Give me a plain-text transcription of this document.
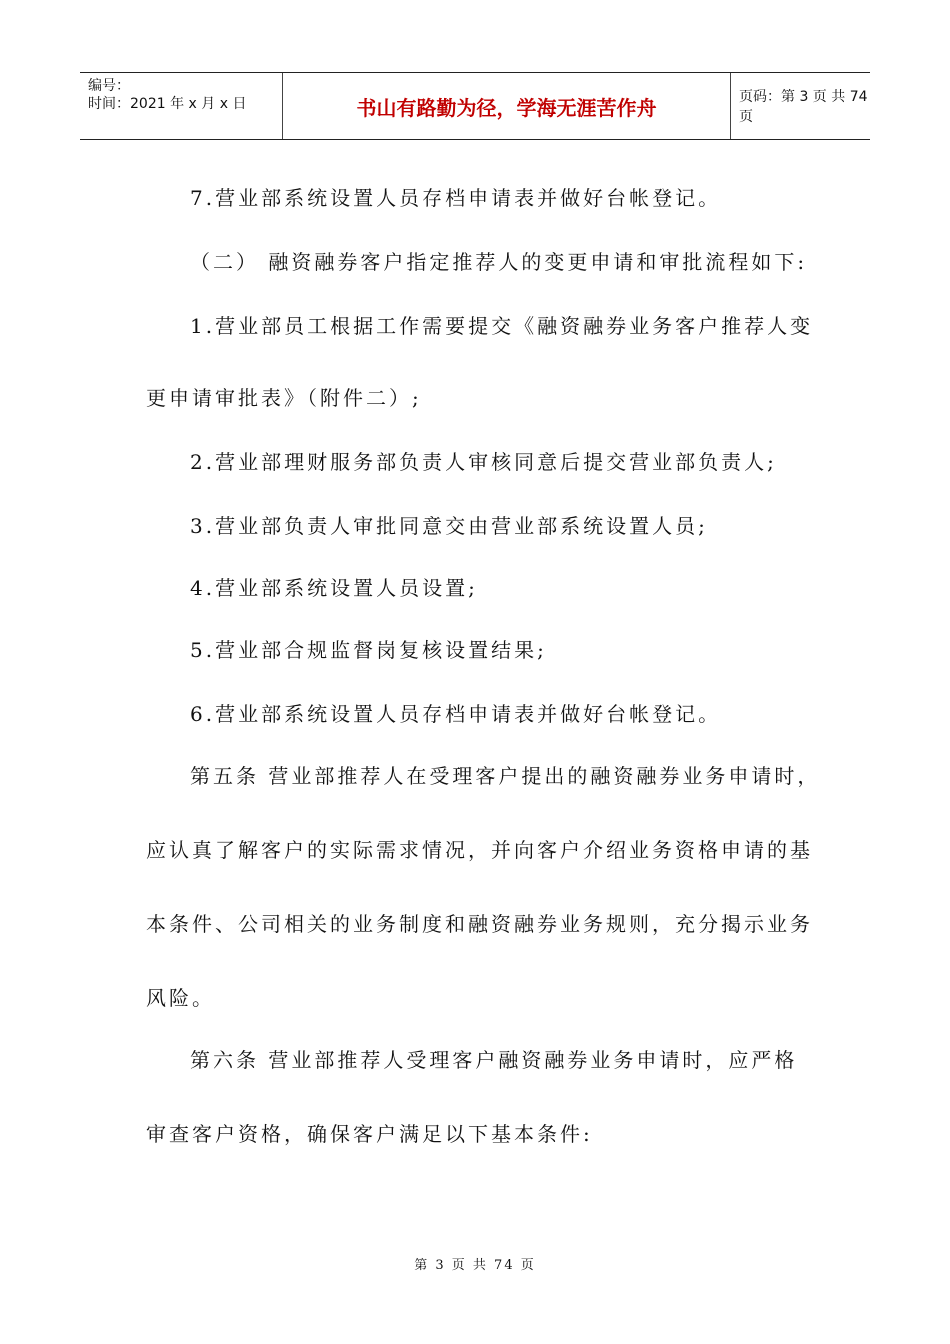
编号：
时间：2021 年 x 月 x 日	书山有路勤为径，学海无涯苦作舟	页码：第 3 页 共 74 页
7.营业部系统设置人员存档申请表并做好台帐登记。
（二） 融资融券客户指定推荐人的变更申请和审批流程如下:
1.营业部员工根据工作需要提交《融资融券业务客户推荐人变
更申请审批表》（附件二）;
2.营业部理财服务部负责人审核同意后提交营业部负责人;
3.营业部负责人审批同意交由营业部系统设置人员;
4.营业部系统设置人员设置;
5.营业部合规监督岗复核设置结果;
6.营业部系统设置人员存档申请表并做好台帐登记。
第五条 营业部推荐人在受理客户提出的融资融券业务申请时，
应认真了解客户的实际需求情况，并向客户介绍业务资格申请的基
本条件、公司相关的业务制度和融资融券业务规则，充分揭示业务
风险。
第六条 营业部推荐人受理客户融资融券业务申请时，应严格
审查客户资格，确保客户满足以下基本条件:
第 3 页 共 74 页
